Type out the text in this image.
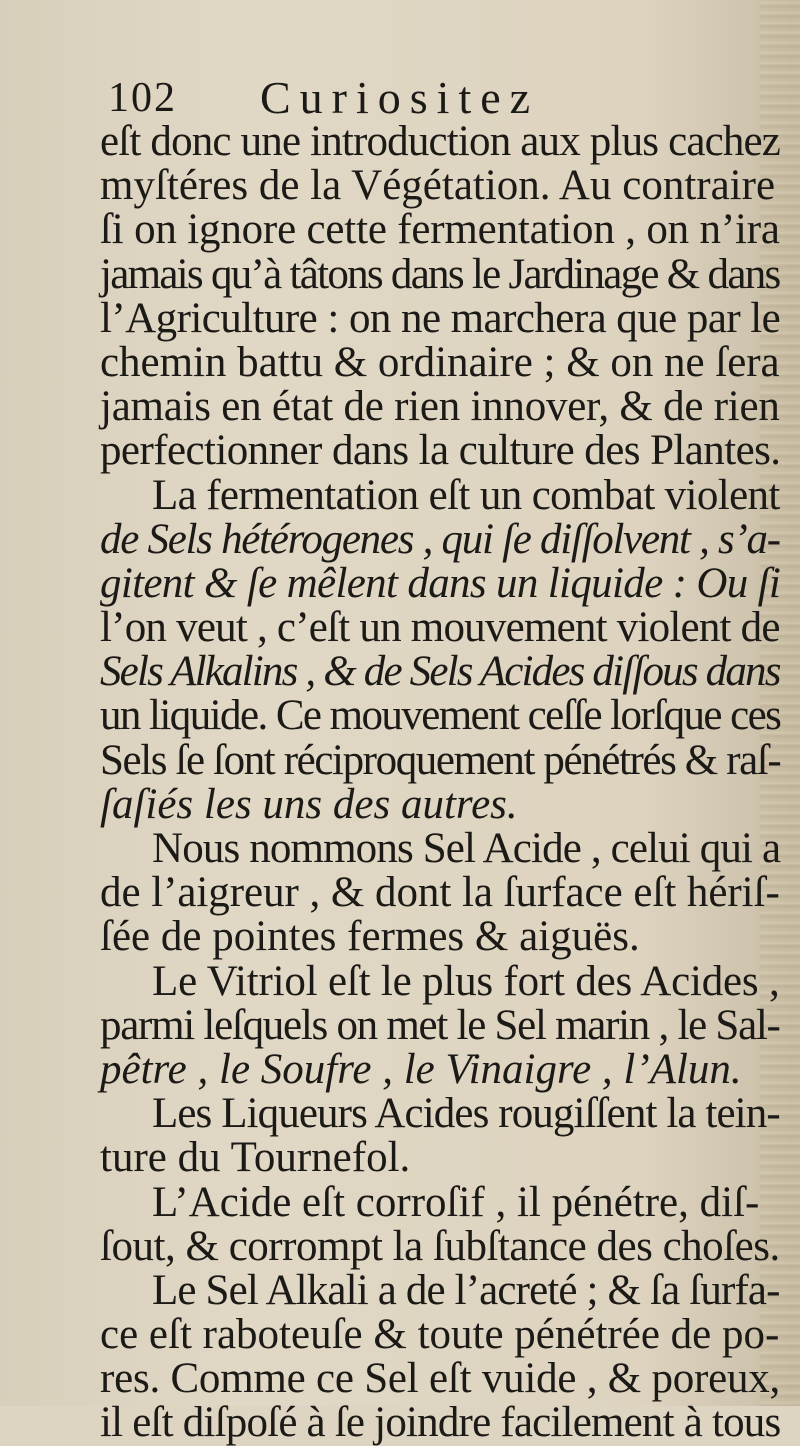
102 Curiositez
eſt donc une introduction aux plus cachez
myſtéres de la Végétation. Au contraire
ſi on ignore cette fermentation , on n’ira
jamais qu’à tâtons dans le Jardinage & dans
l’Agriculture : on ne marchera que par le
chemin battu & ordinaire ; & on ne ſera
jamais en état de rien innover, & de rien
perfectionner dans la culture des Plantes.
La fermentation eſt un combat violent
de Sels hétérogenes , qui ſe diſſolvent , s’a-
gitent & ſe mêlent dans un liquide : Ou ſi
l’on veut , c’eſt un mouvement violent de
Sels Alkalins , & de Sels Acides diſſous dans
un liquide. Ce mouvement ceſſe lorſque ces
Sels ſe ſont réciproquement pénétrés & raſ-
ſaſiés les uns des autres.
Nous nommons Sel Acide , celui qui a
de l’aigreur , & dont la ſurface eſt hériſ-
ſée de pointes fermes & aiguës.
Le Vitriol eſt le plus fort des Acides ,
parmi leſquels on met le Sel marin , le Sal-
pêtre , le Soufre , le Vinaigre , l’Alun.
Les Liqueurs Acides rougiſſent la tein-
ture du Tournefol.
L’Acide eſt corroſif , il pénétre, diſ-
ſout, & corrompt la ſubſtance des choſes.
Le Sel Alkali a de l’acreté ; & ſa ſurfa-
ce eſt raboteuſe & toute pénétrée de po-
res. Comme ce Sel eſt vuide , & poreux,
il eſt diſpoſé à ſe joindre facilement à tous
